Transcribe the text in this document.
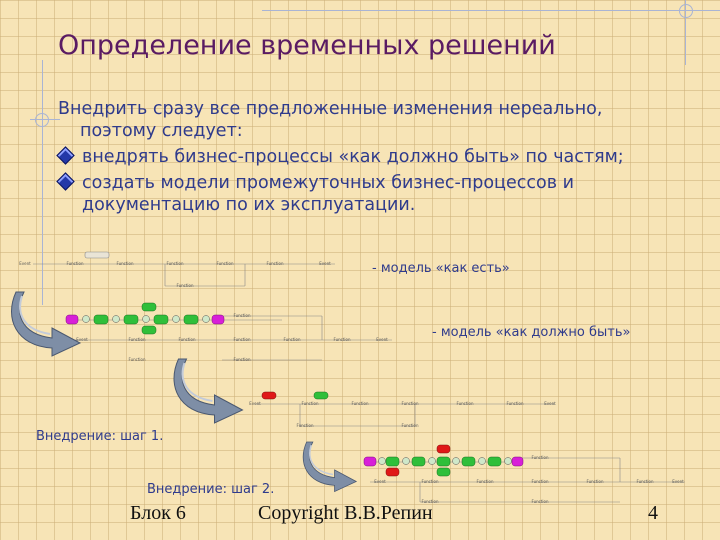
Определение временных решений

Внедрить сразу все предложенные изменения нереально, поэтому следует:

внедрять бизнес-процессы «как должно быть» по частям;
создать модели промежуточных бизнес-процессов и документацию по их эксплуатации.
Event	Function	Function	Function	Function	Function	Event
Function
Function
Event	Function	Function	Function	Function	Function	Event
Function	Function
Event	Function	Function	Function	Function	Function	Event
Function	Function
Function
Event	Function	Function	Function	Function	Function	Event
Function	Function
- модель «как есть»
- модель «как должно быть»
Внедрение: шаг 1.
Внедрение: шаг 2.
Блок 6	Copyright В.В.Репин	4
